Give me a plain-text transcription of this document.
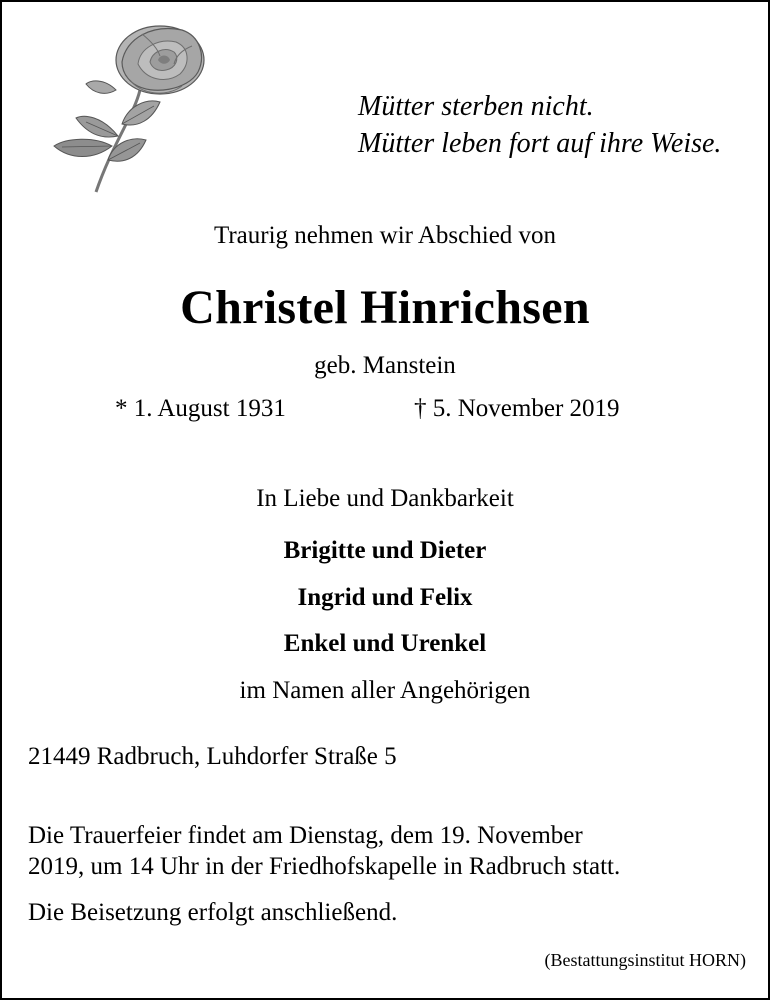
Mütter sterben nicht.
Mütter leben fort auf ihre Weise.
Traurig nehmen wir Abschied von
Christel Hinrichsen
geb. Manstein
* 1. August 1931	† 5. November 2019
In Liebe und Dankbarkeit
Brigitte und Dieter
Ingrid und Felix
Enkel und Urenkel
im Namen aller Angehörigen
21449 Radbruch, Luhdorfer Straße 5
Die Trauerfeier findet am Dienstag, dem 19. November
2019, um 14 Uhr in der Friedhofskapelle in Radbruch statt.
Die Beisetzung erfolgt anschließend.
(Bestattungsinstitut HORN)
